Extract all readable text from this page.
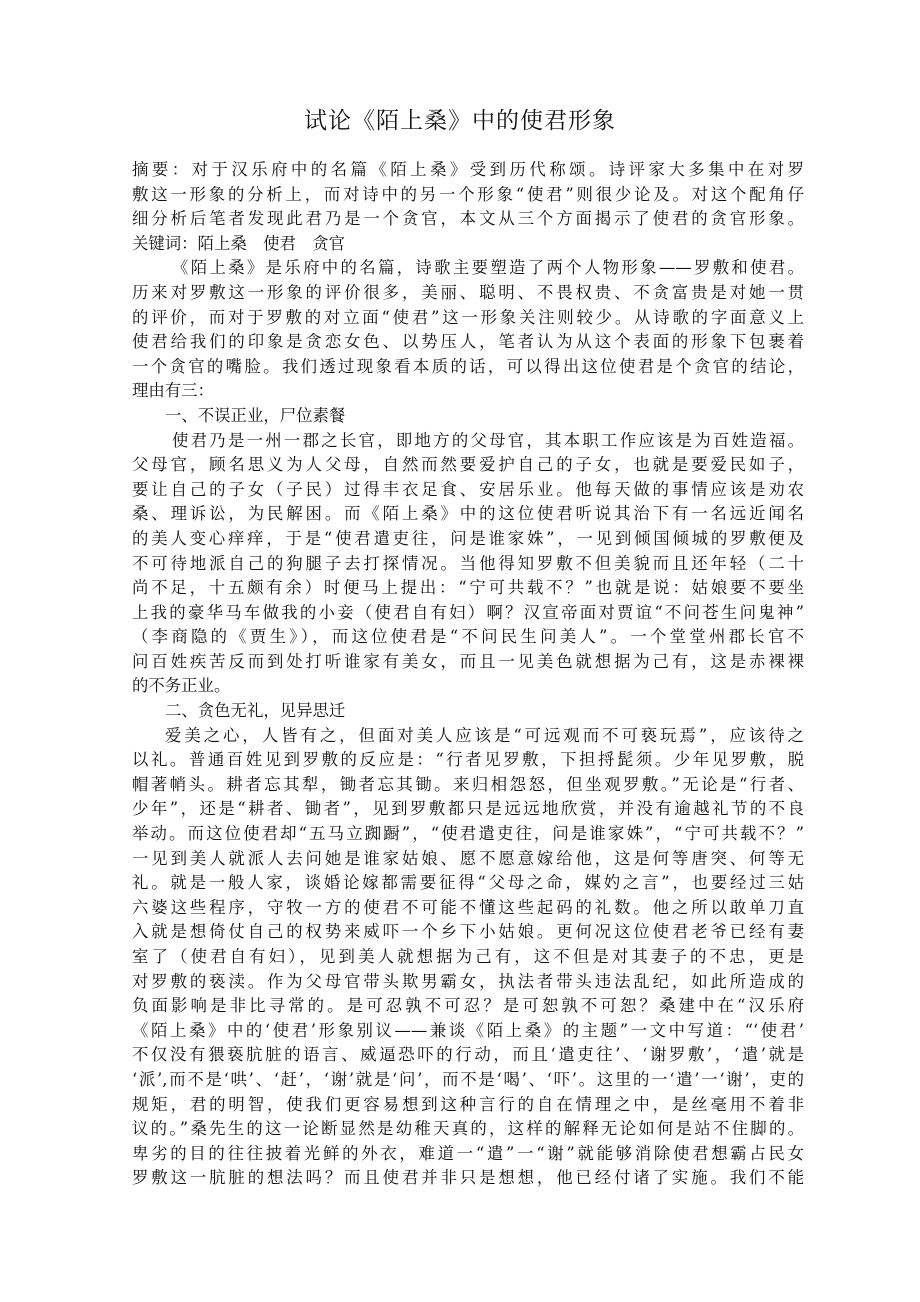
试论《陌上桑》中的使君形象
摘要：对于汉乐府中的名篇《陌上桑》受到历代称颂。诗评家大多集中在对罗
敷这一形象的分析上，而对诗中的另一个形象“使君”则很少论及。对这个配角仔
细分析后笔者发现此君乃是一个贪官，本文从三个方面揭示了使君的贪官形象。
关键词：陌上桑　使君　贪官
《陌上桑》是乐府中的名篇，诗歌主要塑造了两个人物形象——罗敷和使君。
历来对罗敷这一形象的评价很多，美丽、聪明、不畏权贵、不贪富贵是对她一贯
的评价，而对于罗敷的对立面“使君”这一形象关注则较少。从诗歌的字面意义上
使君给我们的印象是贪恋女色、以势压人，笔者认为从这个表面的形象下包裹着
一个贪官的嘴脸。我们透过现象看本质的话，可以得出这位使君是个贪官的结论，
理由有三：
一、不误正业，尸位素餐
使君乃是一州一郡之长官，即地方的父母官，其本职工作应该是为百姓造福。
父母官，顾名思义为人父母，自然而然要爱护自己的子女，也就是要爱民如子，
要让自己的子女（子民）过得丰衣足食、安居乐业。他每天做的事情应该是劝农
桑、理诉讼，为民解困。而《陌上桑》中的这位使君听说其治下有一名远近闻名
的美人变心痒痒，于是“使君遣吏往，问是谁家姝”，一见到倾国倾城的罗敷便及
不可待地派自己的狗腿子去打探情况。当他得知罗敷不但美貌而且还年轻（二十
尚不足，十五颇有余）时便马上提出：“宁可共载不？”也就是说：姑娘要不要坐
上我的豪华马车做我的小妾（使君自有妇）啊？汉宣帝面对贾谊“不问苍生问鬼神”
（李商隐的《贾生》），而这位使君是“不问民生问美人”。一个堂堂州郡长官不
问百姓疾苦反而到处打听谁家有美女，而且一见美色就想据为己有，这是赤裸裸
的不务正业。
二、贪色无礼，见异思迁
爱美之心，人皆有之，但面对美人应该是“可远观而不可亵玩焉”，应该待之
以礼。普通百姓见到罗敷的反应是：“行者见罗敷，下担捋髭须。少年见罗敷，脱
帽著帩头。耕者忘其犁，锄者忘其锄。来归相怨怒，但坐观罗敷。”无论是“行者、
少年”，还是“耕者、锄者”，见到罗敷都只是远远地欣赏，并没有逾越礼节的不良
举动。而这位使君却“五马立踟蹰”，“使君遣吏往，问是谁家姝”，“宁可共载不？”
一见到美人就派人去问她是谁家姑娘、愿不愿意嫁给他，这是何等唐突、何等无
礼。就是一般人家，谈婚论嫁都需要征得“父母之命，媒妁之言”，也要经过三姑
六婆这些程序，守牧一方的使君不可能不懂这些起码的礼数。他之所以敢单刀直
入就是想倚仗自己的权势来威吓一个乡下小姑娘。更何况这位使君老爷已经有妻
室了（使君自有妇），见到美人就想据为己有，这不但是对其妻子的不忠，更是
对罗敷的亵渎。作为父母官带头欺男霸女，执法者带头违法乱纪，如此所造成的
负面影响是非比寻常的。是可忍孰不可忍？是可恕孰不可恕？桑建中在“汉乐府
《陌上桑》中的‘使君’形象别议——兼谈《陌上桑》的主题”一文中写道：“‘使君’
不仅没有猥亵肮脏的语言、威逼恐吓的行动，而且‘遣吏往’、‘谢罗敷’，‘遣’就是
‘派’,而不是‘哄’、‘赶’，‘谢’就是‘问’，而不是‘喝’、‘吓’。这里的一‘遣’一‘谢’，吏的
规矩，君的明智，使我们更容易想到这种言行的自在情理之中，是丝毫用不着非
议的。”桑先生的这一论断显然是幼稚天真的，这样的解释无论如何是站不住脚的。
卑劣的目的往往披着光鲜的外衣，难道一“遣”一“谢”就能够消除使君想霸占民女
罗敷这一肮脏的想法吗？而且使君并非只是想想，他已经付诸了实施。我们不能
